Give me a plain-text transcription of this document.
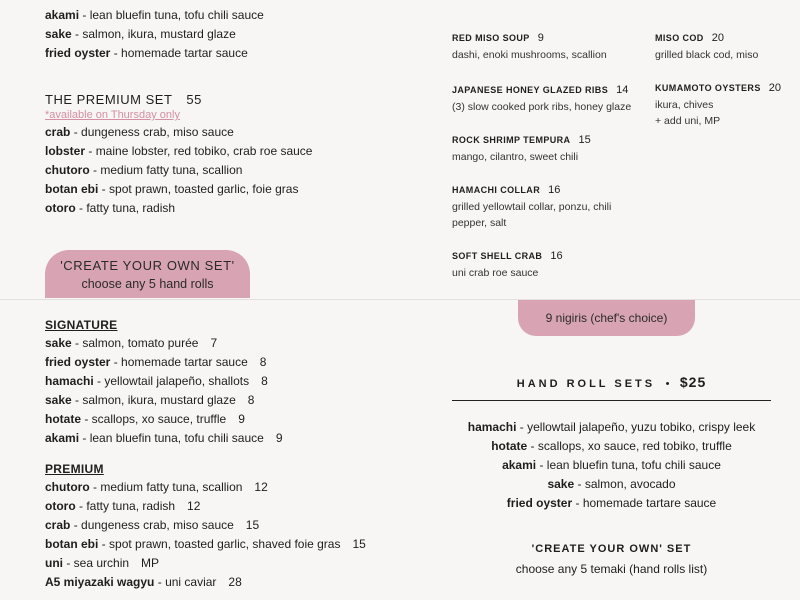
akami - lean bluefin tuna, tofu chili sauce
sake - salmon, ikura, mustard glaze
fried oyster - homemade tartar sauce
THE PREMIUM SET 55
*available on Thursday only
crab - dungeness crab, miso sauce
lobster - maine lobster, red tobiko, crab roe sauce
chutoro - medium fatty tuna, scallion
botan ebi - spot prawn, toasted garlic, foie gras
otoro - fatty tuna, radish
'CREATE YOUR OWN SET'
choose any 5 hand rolls
SIGNATURE
sake - salmon, tomato purée 7
fried oyster - homemade tartar sauce 8
hamachi - yellowtail jalapeño, shallots 8
sake - salmon, ikura, mustard glaze 8
hotate - scallops, xo sauce, truffle 9
akami - lean bluefin tuna, tofu chili sauce 9
PREMIUM
chutoro - medium fatty tuna, scallion 12
otoro - fatty tuna, radish 12
crab - dungeness crab, miso sauce 15
botan ebi - spot prawn, toasted garlic, shaved foie gras 15
uni - sea urchin MP
A5 miyazaki wagyu - uni caviar 28
RED MISO SOUP 9
dashi, enoki mushrooms, scallion
JAPANESE HONEY GLAZED RIBS 14
(3) slow cooked pork ribs, honey glaze
ROCK SHRIMP TEMPURA 15
mango, cilantro, sweet chili
HAMACHI COLLAR 16
grilled yellowtail collar, ponzu, chili
pepper, salt
SOFT SHELL CRAB 16
uni crab roe sauce
MISO COD 20
grilled black cod, miso
KUMAMOTO OYSTERS 20
ikura, chives
+ add uni, MP
9 nigiris (chef's choice)
HAND ROLL SETS • $25
hamachi - yellowtail jalapeño, yuzu tobiko, crispy leek
hotate - scallops, xo sauce, red tobiko, truffle
akami - lean bluefin tuna, tofu chili sauce
sake - salmon, avocado
fried oyster - homemade tartare sauce
'CREATE YOUR OWN' SET
choose any 5 temaki (hand rolls list)
